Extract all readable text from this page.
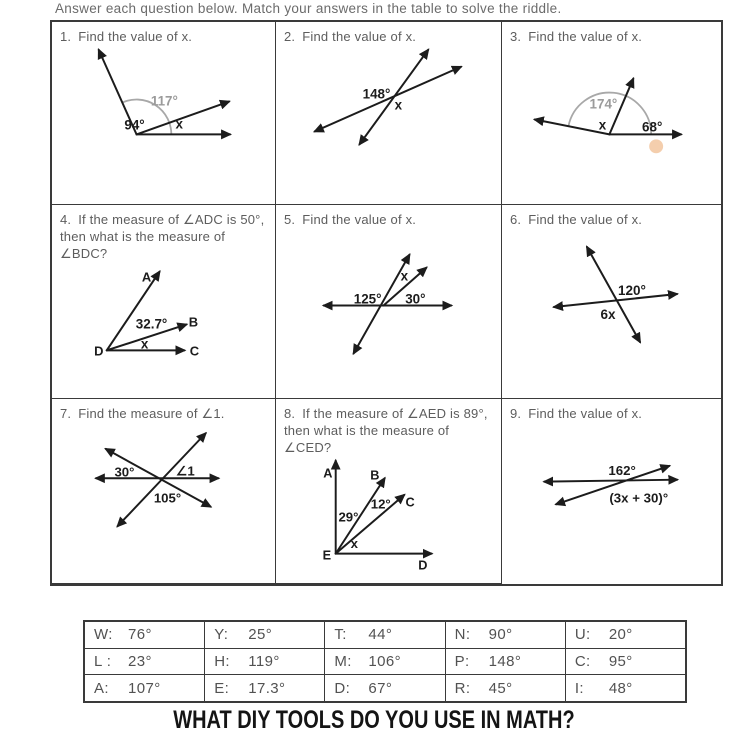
Answer each question below. Match your answers in the table to solve the riddle.
1. Find the value of x.
117°
94° x
2. Find the value of x.
148°
x
3. Find the value of x.
174°
x	68°
4. If the measure of ∠ADC is 50°, then what is the measure of ∠BDC?
A
B
C
D
32.7°
x
5. Find the value of x.
125°
x
30°
6. Find the value of x.
120°
6x
7. Find the measure of ∠1.
30°	∠1
105°
8. If the measure of ∠AED is 89°, then what is the measure of ∠CED?
A	B
C
E
D
29°
12°
x
9. Find the value of x.
162°
(3x + 30)°
W:	76°	Y:	25°	T:	44°	N:	90°	U:	20°
L :	23°	H:	119°	M:	106°	P:	148°	C:	95°
A:	107°	E:	17.3°	D:	67°	R:	45°	I:	48°
WHAT DIY TOOLS DO YOU USE IN MATH?
